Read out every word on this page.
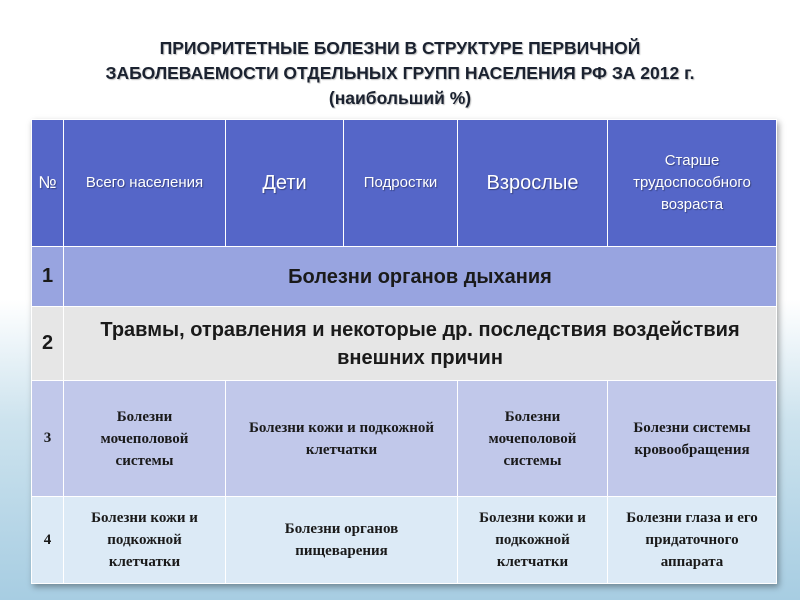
ПРИОРИТЕТНЫЕ БОЛЕЗНИ В СТРУКТУРЕ ПЕРВИЧНОЙ
ЗАБОЛЕВАЕМОСТИ ОТДЕЛЬНЫХ ГРУПП НАСЕЛЕНИЯ РФ ЗА 2012 г.
(наибольший %)
№	Всего населения	Дети	Подростки	Взрослые	Старше трудоспособного возраста
1	Болезни органов дыхания				
2	Травмы, отравления и некоторые др. последствия воздействия внешних причин				
3	Болезни мочеполовой системы	Болезни кожи и подкожной клетчатки		Болезни мочеполовой системы	Болезни системы кровообращения
4	Болезни кожи и подкожной клетчатки	Болезни органов пищеварения		Болезни кожи и подкожной клетчатки	Болезни глаза и его придаточного аппарата
